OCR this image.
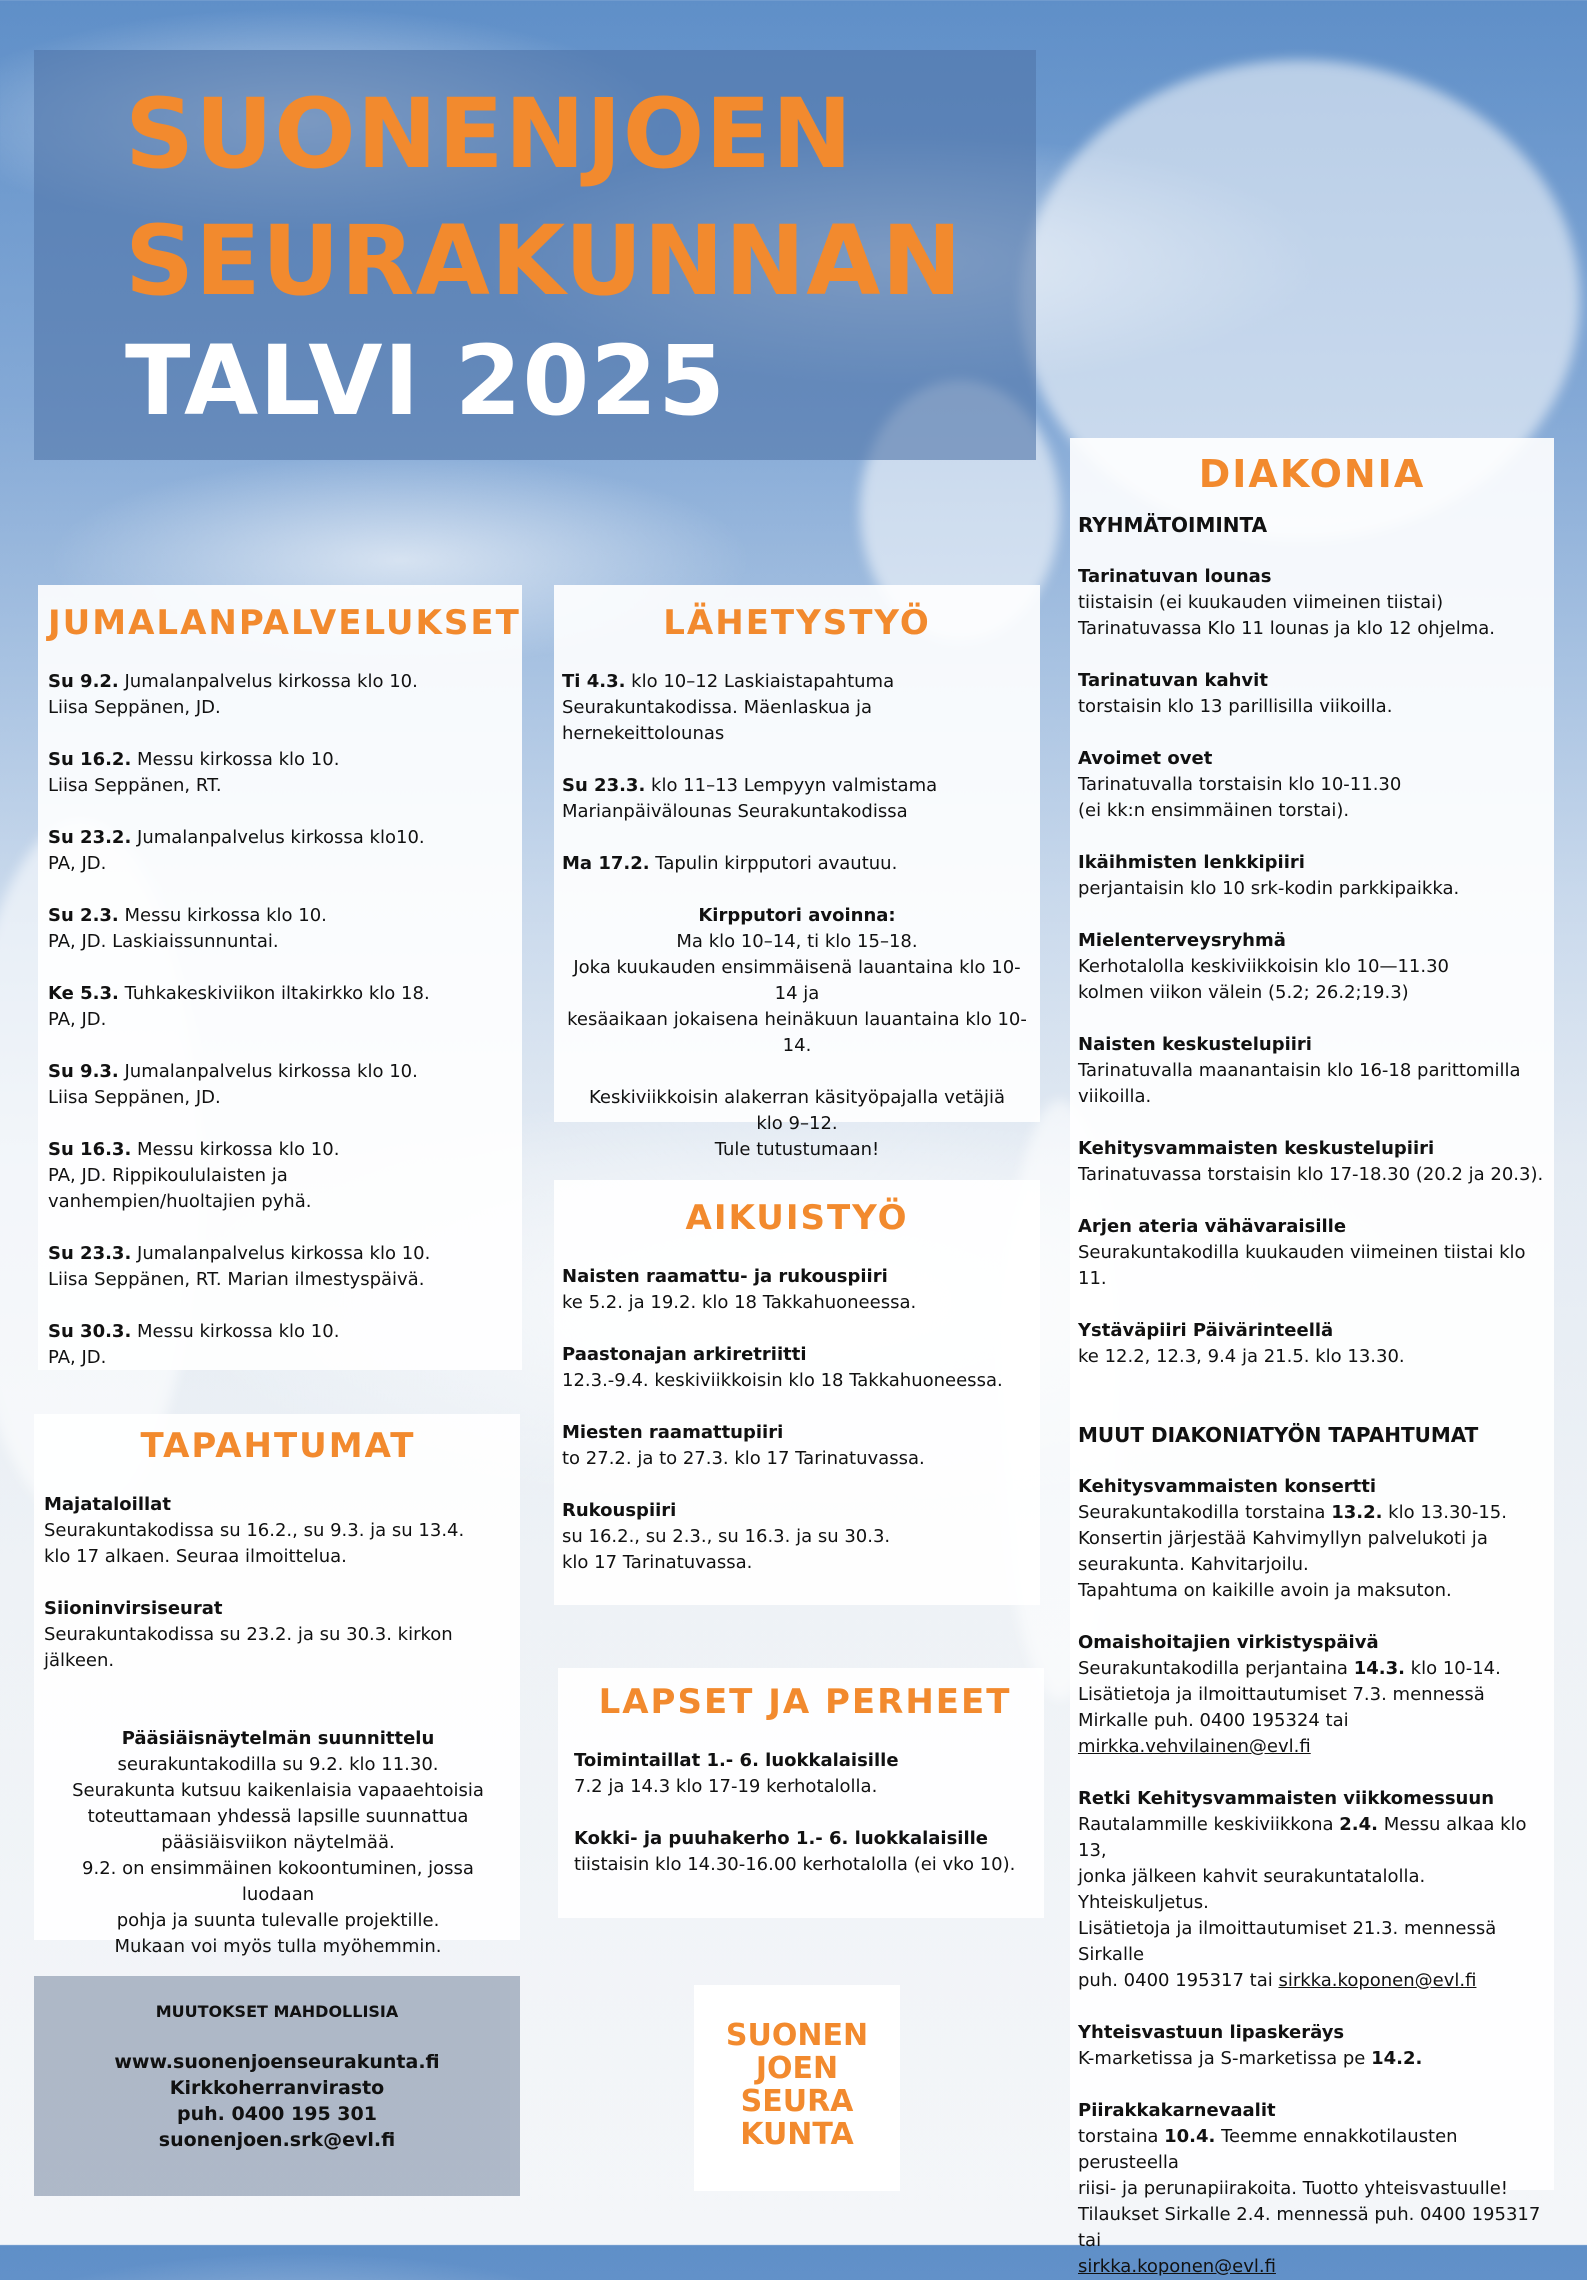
SUONENJOEN
SEURAKUNNAN
TALVI 2025
JUMALANPALVELUKSET
Su 9.2. Jumalanpalvelus kirkossa klo 10.
Liisa Seppänen, JD.
Su 16.2. Messu kirkossa klo 10.
Liisa Seppänen, RT.
Su 23.2. Jumalanpalvelus kirkossa klo10.
PA, JD.
Su 2.3. Messu kirkossa klo 10.
PA, JD. Laskiaissunnuntai.
Ke 5.3. Tuhkakeskiviikon iltakirkko klo 18.
PA, JD.
Su 9.3. Jumalanpalvelus kirkossa klo 10.
Liisa Seppänen, JD.
Su 16.3. Messu kirkossa klo 10.
PA, JD. Rippikoululaisten ja
vanhempien/huoltajien pyhä.
Su 23.3. Jumalanpalvelus kirkossa klo 10.
Liisa Seppänen, RT. Marian ilmestyspäivä.
Su 30.3. Messu kirkossa klo 10.
PA, JD.
LÄHETYSTYÖ
Ti 4.3. klo 10–12 Laskiaistapahtuma
Seurakuntakodissa. Mäenlaskua ja hernekeittolounas
Su 23.3. klo 11–13 Lempyyn valmistama
Marianpäivälounas Seurakuntakodissa
Ma 17.2. Tapulin kirpputori avautuu.
Kirpputori avoinna:
Ma klo 10–14, ti klo 15–18.
Joka kuukauden ensimmäisenä lauantaina klo 10-14 ja
kesäaikaan jokaisena heinäkuun lauantaina klo 10-14.
Keskiviikkoisin alakerran käsityöpajalla vetäjiä
klo 9–12.
Tule tutustumaan!
AIKUISTYÖ
Naisten raamattu- ja rukouspiiri
ke 5.2. ja 19.2. klo 18 Takkahuoneessa.
Paastonajan arkiretriitti
12.3.-9.4. keskiviikkoisin klo 18 Takkahuoneessa.
Miesten raamattupiiri
to 27.2. ja to 27.3. klo 17 Tarinatuvassa.
Rukouspiiri
su 16.2., su 2.3., su 16.3. ja su 30.3.
klo 17 Tarinatuvassa.
TAPAHTUMAT
Majataloillat
Seurakuntakodissa su 16.2., su 9.3. ja su 13.4.
klo 17 alkaen. Seuraa ilmoittelua.
Siioninvirsiseurat
Seurakuntakodissa su 23.2. ja su 30.3. kirkon jälkeen.
Pääsiäisnäytelmän suunnittelu
seurakuntakodilla su 9.2. klo 11.30.
Seurakunta kutsuu kaikenlaisia vapaaehtoisia
toteuttamaan yhdessä lapsille suunnattua
pääsiäisviikon näytelmää.
9.2. on ensimmäinen kokoontuminen, jossa luodaan
pohja ja suunta tulevalle projektille.
Mukaan voi myös tulla myöhemmin.
LAPSET JA PERHEET
Toimintaillat 1.- 6. luokkalaisille
7.2 ja 14.3 klo 17-19 kerhotalolla.
Kokki- ja puuhakerho 1.- 6. luokkalaisille
tiistaisin klo 14.30-16.00 kerhotalolla (ei vko 10).
DIAKONIA
RYHMÄTOIMINTA
Tarinatuvan lounas
tiistaisin (ei kuukauden viimeinen tiistai)
Tarinatuvassa Klo 11 lounas ja klo 12 ohjelma.
Tarinatuvan kahvit
torstaisin klo 13 parillisilla viikoilla.
Avoimet ovet
Tarinatuvalla torstaisin klo 10-11.30
(ei kk:n ensimmäinen torstai).
Ikäihmisten lenkkipiiri
perjantaisin klo 10 srk-kodin parkkipaikka.
Mielenterveysryhmä
Kerhotalolla keskiviikkoisin klo 10—11.30
kolmen viikon välein (5.2; 26.2;19.3)
Naisten keskustelupiiri
Tarinatuvalla maanantaisin klo 16-18 parittomilla
viikoilla.
Kehitysvammaisten keskustelupiiri
Tarinatuvassa torstaisin klo 17-18.30 (20.2 ja 20.3).
Arjen ateria vähävaraisille
Seurakuntakodilla kuukauden viimeinen tiistai klo 11.
Ystäväpiiri Päivärinteellä
ke 12.2, 12.3, 9.4 ja 21.5. klo 13.30.
MUUT DIAKONIATYÖN TAPAHTUMAT
Kehitysvammaisten konsertti
Seurakuntakodilla torstaina 13.2. klo 13.30-15.
Konsertin järjestää Kahvimyllyn palvelukoti ja
seurakunta. Kahvitarjoilu.
Tapahtuma on kaikille avoin ja maksuton.
Omaishoitajien virkistyspäivä
Seurakuntakodilla perjantaina 14.3. klo 10-14.
Lisätietoja ja ilmoittautumiset 7.3. mennessä
Mirkalle puh. 0400 195324 tai
mirkka.vehvilainen@evl.fi
Retki Kehitysvammaisten viikkomessuun
Rautalammille keskiviikkona 2.4. Messu alkaa klo 13,
jonka jälkeen kahvit seurakuntatalolla. Yhteiskuljetus.
Lisätietoja ja ilmoittautumiset 21.3. mennessä Sirkalle
puh. 0400 195317 tai sirkka.koponen@evl.fi
Yhteisvastuun lipaskeräys
K-marketissa ja S-marketissa pe 14.2.
Piirakkakarnevaalit
torstaina 10.4. Teemme ennakkotilausten perusteella
riisi- ja perunapiirakoita. Tuotto yhteisvastuulle!
Tilaukset Sirkalle 2.4. mennessä puh. 0400 195317 tai
sirkka.koponen@evl.fi
MUUTOKSET MAHDOLLISIA
www.suonenjoenseurakunta.fi
Kirkkoherranvirasto
puh. 0400 195 301
suonenjoen.srk@evl.fi
SUONEN
JOEN
SEURA
KUNTA
